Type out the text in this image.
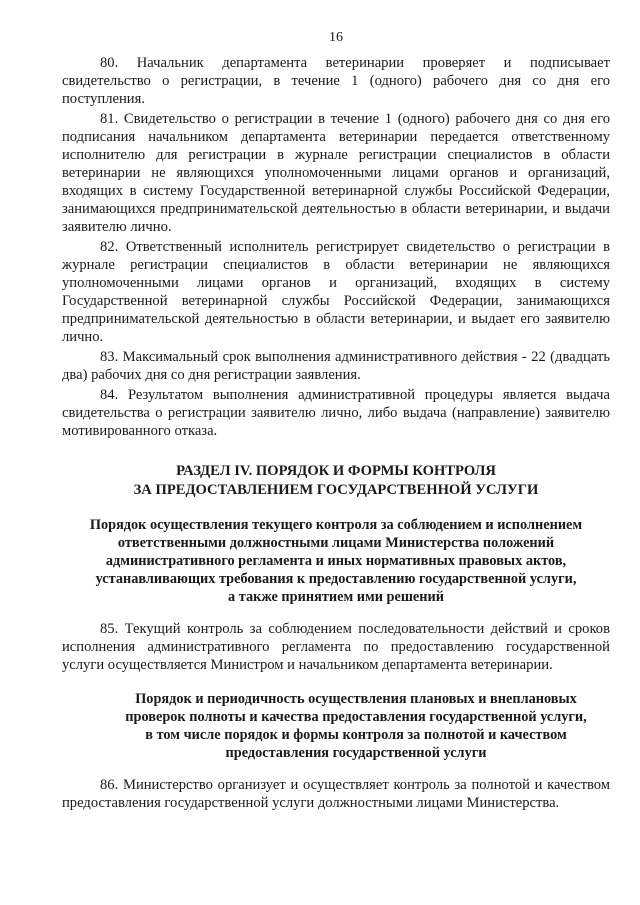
16

80. Начальник департамента ветеринарии проверяет и подписывает свидетельство о регистрации, в течение 1 (одного) рабочего дня со дня его поступления.

81. Свидетельство о регистрации в течение 1 (одного) рабочего дня со дня его подписания начальником департамента ветеринарии передается ответственному исполнителю для регистрации в журнале регистрации специалистов в области ветеринарии не являющихся уполномоченными лицами органов и организаций, входящих в систему Государственной ветеринарной службы Российской Федерации, занимающихся предпринимательской деятельностью в области ветеринарии, и выдачи заявителю лично.

82. Ответственный исполнитель регистрирует свидетельство о регистрации в журнале регистрации специалистов в области ветеринарии не являющихся уполномоченными лицами органов и организаций, входящих в систему Государственной ветеринарной службы Российской Федерации, занимающихся предпринимательской деятельностью в области ветеринарии, и выдает его заявителю лично.

83. Максимальный срок выполнения административного действия - 22 (двадцать два) рабочих дня со дня регистрации заявления.

84. Результатом выполнения административной процедуры является выдача свидетельства о регистрации заявителю лично, либо выдача (направление) заявителю мотивированного отказа.

РАЗДЕЛ IV. ПОРЯДОК И ФОРМЫ КОНТРОЛЯ
ЗА ПРЕДОСТАВЛЕНИЕМ ГОСУДАРСТВЕННОЙ УСЛУГИ
Порядок осуществления текущего контроля за соблюдением и исполнением
ответственными должностными лицами Министерства положений
административного регламента и иных нормативных правовых актов,
устанавливающих требования к предоставлению государственной услуги,
а также принятием ими решений

85. Текущий контроль за соблюдением последовательности действий и сроков исполнения административного регламента по предоставлению государственной услуги осуществляется Министром и начальником департамента ветеринарии.

Порядок и периодичность осуществления плановых и внеплановых
проверок полноты и качества предоставления государственной услуги,
в том числе порядок и формы контроля за полнотой и качеством
предоставления государственной услуги

86. Министерство организует и осуществляет контроль за полнотой и качеством предоставления государственной услуги должностными лицами Министерства.
